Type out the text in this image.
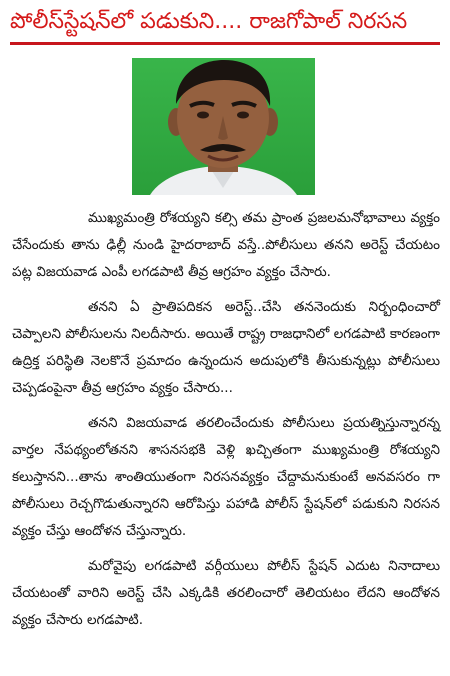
పోలీస్‌స్టేషన్‌లో పడుకుని.... రాజగోపాల్ నిరసన

ముఖ్యమంత్రి రోశయ్యని కల్సి తమ ప్రాంత ప్రజలమనోభావాలు వ్యక్తం చేసేందుకు తాను ఢిల్లీ నుండి హైదరాబాద్ వస్తే..పోలీసులు తనని అరెస్ట్ చేయటం పట్ల విజయవాడ ఎంపీ లగడపాటి తీవ్ర ఆగ్రహం వ్యక్తం చేసారు.

తనని ఏ ప్రాతిపదికన అరెస్ట్..చేసి తననెందుకు నిర్బంధించారో చెప్పాలని పోలీసులను నిలదీసారు. అయితే రాష్ట్ర రాజధానిలో లగడపాటి కారణంగా ఉద్రిక్త పరిస్థితి నెలకొనే ప్రమాదం ఉన్నందున అదుపులోకి తీసుకున్నట్లు పోలీసులు చెప్పడంపైనా తీవ్ర ఆగ్రహం వ్యక్తం చేసారు...

తనని విజయవాడ తరలించేందుకు పోలీసులు ప్రయత్నిస్తున్నారన్న వార్తల నేపథ్యంలోతనని శాసనసభకి వెళ్లి ఖచ్చితంగా ముఖ్యమంత్రి రోశయ్యని కలుస్తానని...తాను శాంతియుతంగా నిరసనవ్యక్తం చేద్దామనుకుంటే అనవసరం గా పోలీసులు రెచ్చగొడుతున్నారని ఆరోపిస్తు పహాడి పోలీస్ స్టేషన్‌లో పడుకుని నిరసన వ్యక్తం చేస్తు ఆందోళన చేస్తున్నారు.

మరోవైపు లగడపాటి వర్గీయులు పోలీస్ స్టేషన్ ఎదుట నినాదాలు చేయటంతో వారిని అరెస్ట్ చేసి ఎక్కడికి తరలించారో తెలియటం లేదని ఆందోళన వ్యక్తం చేసారు లగడపాటి.
